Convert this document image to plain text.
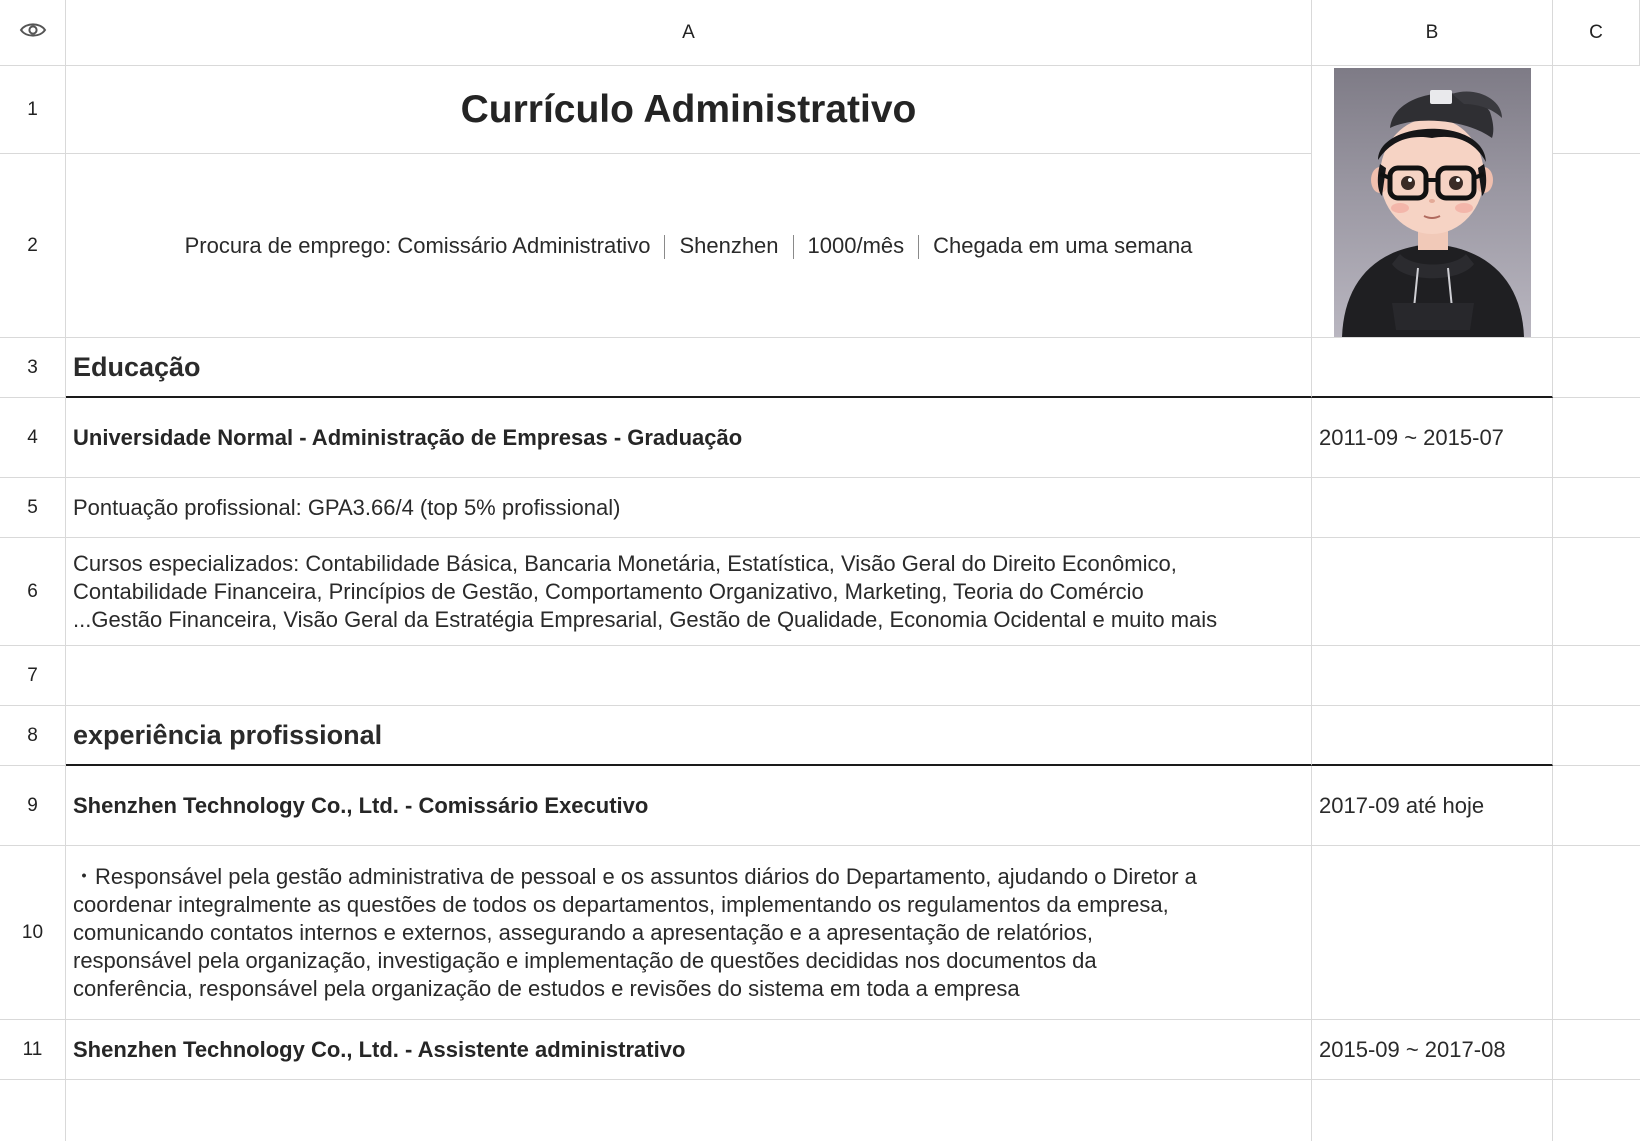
A	B	C
1
2
3
4
5
6
7
8
9
10
11
Currículo Administrativo
Procura de emprego: Comissário Administrativo Shenzhen 1000/mês Chegada em uma semana
Educação
Universidade Normal - Administração de Empresas - Graduação
Pontuação profissional: GPA3.66/4 (top 5% profissional)
Cursos especializados: Contabilidade Básica, Bancaria Monetária, Estatística, Visão Geral do Direito Econômico,
Contabilidade Financeira, Princípios de Gestão, Comportamento Organizativo, Marketing, Teoria do Comércio
...Gestão Financeira, Visão Geral da Estratégia Empresarial, Gestão de Qualidade, Economia Ocidental e muito mais
experiência profissional
Shenzhen Technology Co., Ltd. - Comissário Executivo
・Responsável pela gestão administrativa de pessoal e os assuntos diários do Departamento, ajudando o Diretor a
coordenar integralmente as questões de todos os departamentos, implementando os regulamentos da empresa,
comunicando contatos internos e externos, assegurando a apresentação e a apresentação de relatórios,
responsável pela organização, investigação e implementação de questões decididas nos documentos da
conferência, responsável pela organização de estudos e revisões do sistema em toda a empresa
Shenzhen Technology Co., Ltd. - Assistente administrativo
2011-09 ~ 2015-07
2017-09 até hoje
2015-09 ~ 2017-08
